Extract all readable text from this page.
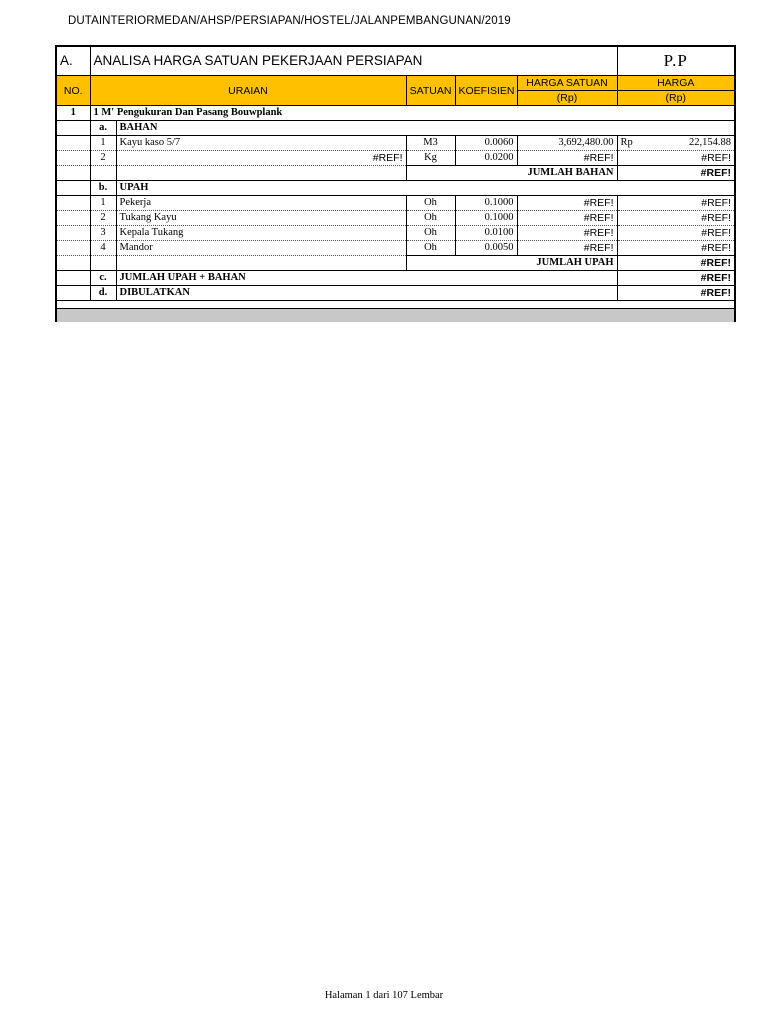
DUTAINTERIORMEDAN/AHSP/PERSIAPAN/HOSTEL/JALANPEMBANGUNAN/2019
A.	ANALISA HARGA SATUAN PEKERJAAN PERSIAPAN					P.P
NO.	URAIAN		SATUAN	KOEFISIEN	HARGA SATUAN	HARGA
					(Rp)	(Rp)
1	1 M' Pengukuran Dan Pasang Bouwplank					
	a.	BAHAN				
	1	Kayu kaso 5/7	M3	0.0060	3,692,480.00	Rp 22,154.88

	2	#REF!	Kg	0.0200	#REF!	#REF!
			JUMLAH BAHAN			#REF!
	b.	UPAH				
	1	Pekerja	Oh	0.1000	#REF!	#REF!
	2	Tukang Kayu	Oh	0.1000	#REF!	#REF!
	3	Kepala Tukang	Oh	0.0100	#REF!	#REF!
	4	Mandor	Oh	0.0050	#REF!	#REF!
			JUMLAH UPAH			#REF!
	c.	JUMLAH UPAH + BAHAN				#REF!
	d.	DIBULATKAN				#REF!
Halaman 1 dari 107 Lembar
